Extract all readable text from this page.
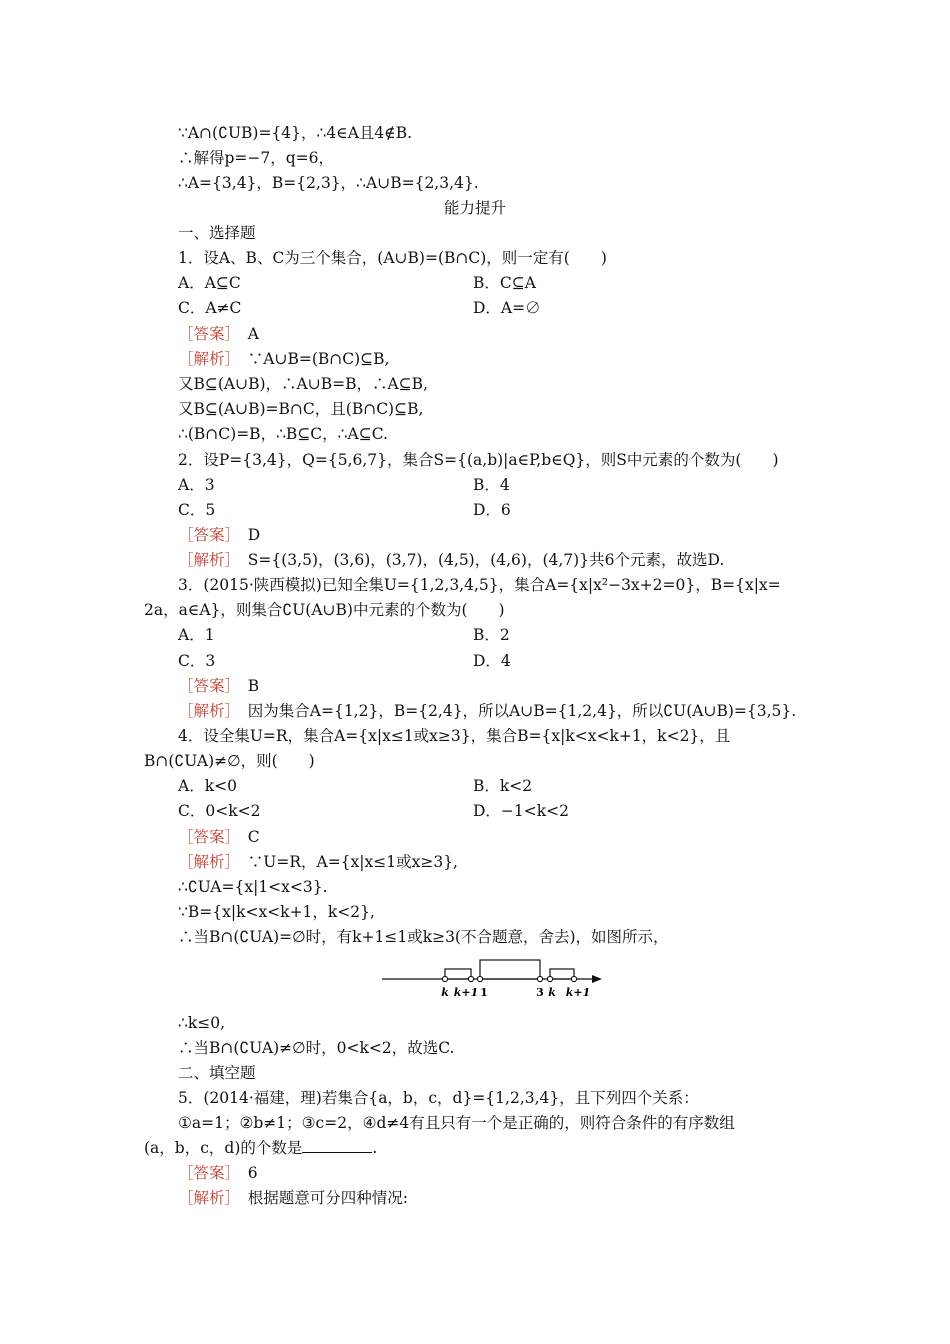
∵A∩(∁UB)={4}，∴4∈A且4∉B.
∴解得p=−7，q=6，
∴A={3,4}，B={2,3}，∴A∪B={2,3,4}.
能力提升
一、选择题
1．设A、B、C为三个集合，(A∪B)=(B∩C)，则一定有(　　)
A．A⊆C	B．C⊆A
C．A≠C	D．A=∅
［答案］　 A
［解析］　 ∵A∪B=(B∩C)⊆B,
又B⊆(A∪B)，∴A∪B=B，∴A⊆B,
又B⊆(A∪B)=B∩C，且(B∩C)⊆B,
∴(B∩C)=B，∴B⊆C，∴A⊆C.
2．设P={3,4}，Q={5,6,7}，集合S={(a,b)|a∈P,b∈Q}，则S中元素的个数为(　　)
A．3	B．4
C．5	D．6
［答案］　 D
［解析］　 S={(3,5)，(3,6)，(3,7)，(4,5)，(4,6)，(4,7)}共6个元素，故选D.
3．(2015·陕西模拟)已知全集U={1,2,3,4,5}，集合A={x|x²−3x+2=0}，B={x|x=
2a，a∈A}，则集合∁U(A∪B)中元素的个数为(　　)
A．1	B．2
C．3	D．4
［答案］　 B
［解析］　 因为集合A={1,2}，B={2,4}，所以A∪B={1,2,4}，所以∁U(A∪B)={3,5}.
4．设全集U=R，集合A={x|x≤1或x≥3}，集合B={x|k<x<k+1，k<2}，且
B∩(∁UA)≠∅，则(　　)
A．k<0	B．k<2
C．0<k<2	D．−1<k<2
［答案］　 C
［解析］　 ∵U=R，A={x|x≤1或x≥3},
∴∁UA={x|1<x<3}.
∵B={x|k<x<k+1，k<2},
∴当B∩(∁UA)=∅时，有k+1≤1或k≥3(不合题意，舍去)，如图所示，
k k+1 1	3 k k+1
∴k≤0,
∴当B∩(∁UA)≠∅时，0<k<2，故选C.
二、填空题
5．(2014·福建，理)若集合{a，b，c，d}={1,2,3,4}，且下列四个关系：
①a=1；②b≠1；③c=2，④d≠4有且只有一个是正确的，则符合条件的有序数组
(a，b，c，d)的个数是	.
［答案］　 6
［解析］　 根据题意可分四种情况:
